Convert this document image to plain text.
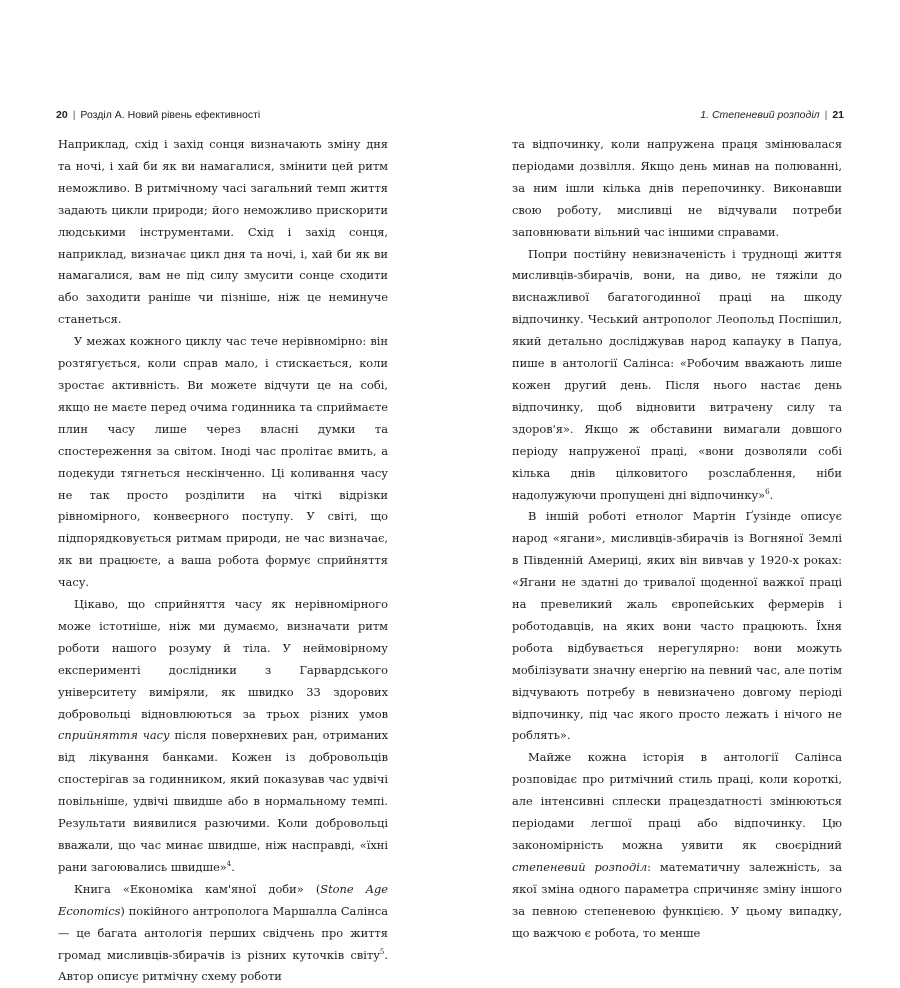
20 | Розділ А. Новий рівень ефективності

Наприклад, схід і захід сонця визначають зміну дня та ночі, і хай би як ви намагалися, змінити цей ритм неможливо. В ритмічному часі загальний темп життя задають цикли природи; його неможливо прискорити людськими інструментами. Схід і захід сонця, наприклад, визначає цикл дня та ночі, і, хай би як ви намагалися, вам не під силу змусити сонце сходити або заходити раніше чи пізніше, ніж це неминуче станеться.

У межах кожного циклу час тече нерівномірно: він розтягується, коли справ мало, і стискається, коли зростає активність. Ви можете відчути це на собі, якщо не маєте перед очима годинника та сприймаєте плин часу лише через власні думки та спостереження за світом. Іноді час пролітає вмить, а подекуди тягнеться нескінченно. Ці коливання часу не так просто розділити на чіткі відрізки рівномірного, конвеєрного поступу. У світі, що підпорядковується ритмам природи, не час визначає, як ви працюєте, а ваша робота формує сприйняття часу.

Цікаво, що сприйняття часу як нерівномірного може істотніше, ніж ми думаємо, визначати ритм роботи нашого розуму й тіла. У неймовірному експерименті дослідники з Гарвардського університету виміряли, як швидко 33 здорових добровольці відновлюються за трьох різних умов сприйняття часу після поверхневих ран, отриманих від лікування банками. Кожен із добровольців спостерігав за годинником, який показував час удвічі повільніше, удвічі швидше або в нормальному темпі. Результати виявилися разючими. Коли добровольці вважали, що час минає швидше, ніж насправді, «їхні рани загоювались швидше»$^4$.

Книга «Економіка кам'яної доби» (Stone Age Economics) покійного антрополога Маршалла Салінса — це багата антологія перших свідчень про життя громад мисливців-збирачів із різних куточків світу$^5$. Автор описує ритмічну схему роботи

1. Степеневий розподіл | 21

та відпочинку, коли напружена праця змінювалася періодами дозвілля. Якщо день минав на полюванні, за ним ішли кілька днів перепочинку. Виконавши свою роботу, мисливці не відчували потреби заповнювати вільний час іншими справами.

Попри постійну невизначеність і труднощі життя мисливців-збирачів, вони, на диво, не тяжіли до виснажливої багатогодинної праці на шкоду відпочинку. Чеський антрополог Леопольд Поспішил, який детально досліджував народ капауку в Папуа, пише в антології Салінса: «Робочим вважають лише кожен другий день. Після нього настає день відпочинку, щоб відновити витрачену силу та здоров'я». Якщо ж обставини вимагали довшого періоду напруженої праці, «вони дозволяли собі кілька днів цілковитого розслаблення, ніби надолужуючи пропущені дні відпочинку»$^6$.

В іншій роботі етнолог Мартін Ґузінде описує народ «ягани», мисливців-збирачів із Вогняної Землі в Південній Америці, яких він вивчав у 1920-х роках: «Ягани не здатні до тривалої щоденної важкої праці на превеликий жаль європейських фермерів і роботодавців, на яких вони часто працюють. Їхня робота відбувається нерегулярно: вони можуть мобілізувати значну енергію на певний час, але потім відчувають потребу в невизначено довгому періоді відпочинку, під час якого просто лежать і нічого не роблять».

Майже кожна історія в антології Салінса розповідає про ритмічний стиль праці, коли короткі, але інтенсивні сплески працездатності змінюються періодами легшої праці або відпочинку. Цю закономірність можна уявити як своєрідний степеневий розподіл: математичну залежність, за якої зміна одного параметра спричиняє зміну іншого за певною степеневою функцією. У цьому випадку, що важчою є робота, то менше
